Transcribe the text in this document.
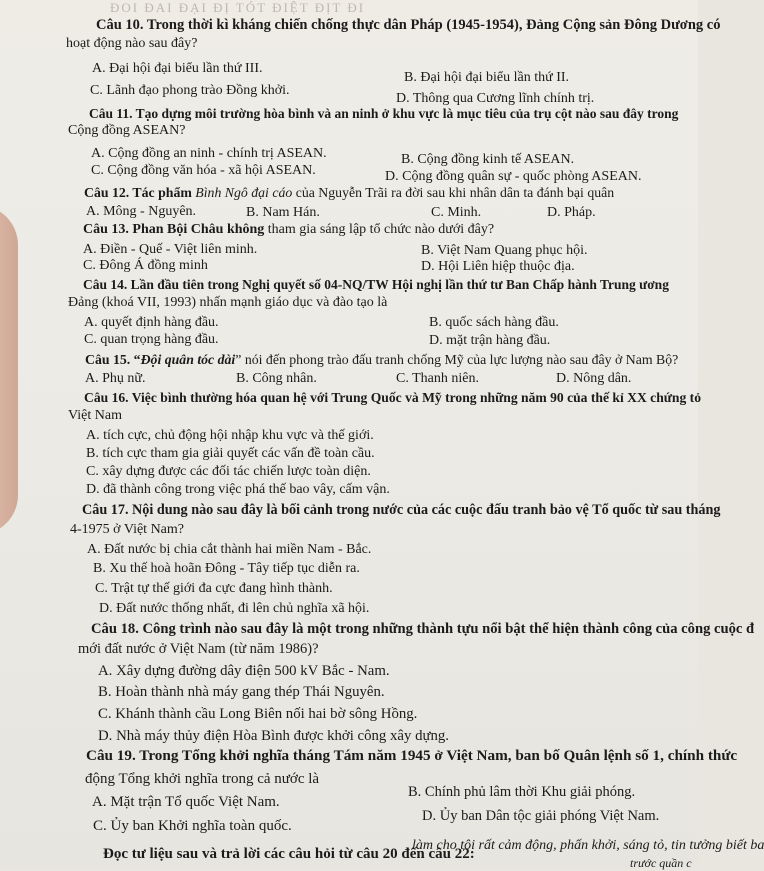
ĐOI ĐAI ĐẠI ĐỊ TÓT ĐIỆT ĐỊT ĐI
Câu 10. Trong thời kì kháng chiến chống thực dân Pháp (1945-1954), Đảng Cộng sản Đông Dương có
hoạt động nào sau đây?
A. Đại hội đại biểu lần thứ III.
B. Đại hội đại biểu lần thứ II.
C. Lãnh đạo phong trào Đồng khởi.
D. Thông qua Cương lĩnh chính trị.
Câu 11. Tạo dựng môi trường hòa bình và an ninh ở khu vực là mục tiêu của trụ cột nào sau đây trong
Cộng đồng ASEAN?
A. Cộng đồng an ninh - chính trị ASEAN.	B. Cộng đồng kinh tế ASEAN.
C. Cộng đồng văn hóa - xã hội ASEAN.	D. Cộng đồng quân sự - quốc phòng ASEAN.
Câu 12. Tác phẩm Bình Ngô đại cáo của Nguyễn Trãi ra đời sau khi nhân dân ta đánh bại quân
A. Mông - Nguyên.	B. Nam Hán.	C. Minh.	D. Pháp.
Câu 13. Phan Bội Châu không tham gia sáng lập tổ chức nào dưới đây?
A. Điền - Quế - Việt liên minh.	B. Việt Nam Quang phục hội.
C. Đông Á đồng minh	D. Hội Liên hiệp thuộc địa.
Câu 14. Lần đầu tiên trong Nghị quyết số 04-NQ/TW Hội nghị lần thứ tư Ban Chấp hành Trung ương
Đảng (khoá VII, 1993) nhấn mạnh giáo dục và đào tạo là
A. quyết định hàng đầu.	B. quốc sách hàng đầu.
C. quan trọng hàng đầu.	D. mặt trận hàng đầu.
Câu 15. “Đội quân tóc dài” nói đến phong trào đấu tranh chống Mỹ của lực lượng nào sau đây ở Nam Bộ?
A. Phụ nữ.	B. Công nhân.	C. Thanh niên.	D. Nông dân.
Câu 16. Việc bình thường hóa quan hệ với Trung Quốc và Mỹ trong những năm 90 của thế kỉ XX chứng tỏ
Việt Nam
A. tích cực, chủ động hội nhập khu vực và thế giới.
B. tích cực tham gia giải quyết các vấn đề toàn cầu.
C. xây dựng được các đối tác chiến lược toàn diện.
D. đã thành công trong việc phá thế bao vây, cấm vận.
Câu 17. Nội dung nào sau đây là bối cảnh trong nước của các cuộc đấu tranh bảo vệ Tổ quốc từ sau tháng
4-1975 ở Việt Nam?
A. Đất nước bị chia cắt thành hai miền Nam - Bắc.
B. Xu thế hoà hoãn Đông - Tây tiếp tục diễn ra.
C. Trật tự thế giới đa cực đang hình thành.
D. Đất nước thống nhất, đi lên chủ nghĩa xã hội.
Câu 18. Công trình nào sau đây là một trong những thành tựu nổi bật thể hiện thành công của công cuộc đ
mới đất nước ở Việt Nam (từ năm 1986)?
A. Xây dựng đường dây điện 500 kV Bắc - Nam.
B. Hoàn thành nhà máy gang thép Thái Nguyên.
C. Khánh thành cầu Long Biên nối hai bờ sông Hồng.
D. Nhà máy thủy điện Hòa Bình được khởi công xây dựng.
Câu 19. Trong Tổng khởi nghĩa tháng Tám năm 1945 ở Việt Nam, ban bố Quân lệnh số 1, chính thức
động Tổng khởi nghĩa trong cả nước là
A. Mặt trận Tổ quốc Việt Nam.
B. Chính phủ lâm thời Khu giải phóng.
C. Ủy ban Khởi nghĩa toàn quốc.
D. Ủy ban Dân tộc giải phóng Việt Nam.
Đọc tư liệu sau và trả lời các câu hỏi từ câu 20 đến câu 22:
làm cho tôi rất cảm động, phấn khởi, sáng tỏ, tin tưởng biết ba
trước quần c
